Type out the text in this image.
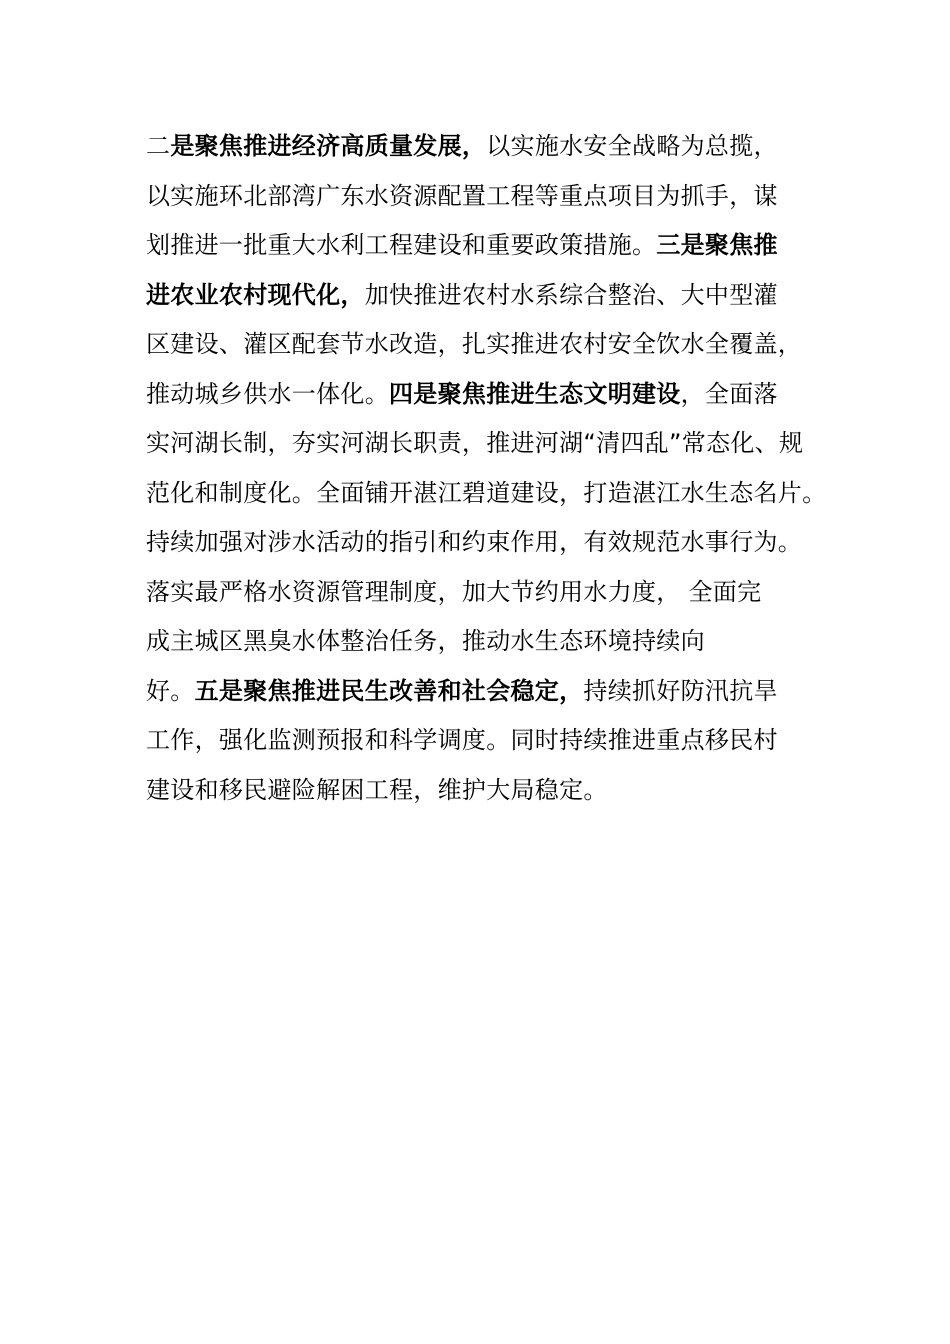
二是聚焦推进经济高质量发展，以实施水安全战略为总揽，
以实施环北部湾广东水资源配置工程等重点项目为抓手，谋
划推进一批重大水利工程建设和重要政策措施。三是聚焦推
进农业农村现代化，加快推进农村水系综合整治、大中型灌
区建设、灌区配套节水改造，扎实推进农村安全饮水全覆盖，
推动城乡供水一体化。四是聚焦推进生态文明建设，全面落
实河湖长制，夯实河湖长职责，推进河湖“清四乱”常态化、规
范化和制度化。全面铺开湛江碧道建设，打造湛江水生态名片。
持续加强对涉水活动的指引和约束作用，有效规范水事行为。
落实最严格水资源管理制度，加大节约用水力度， 全面完
成主城区黑臭水体整治任务，推动水生态环境持续向
好。五是聚焦推进民生改善和社会稳定，持续抓好防汛抗旱
工作，强化监测预报和科学调度。同时持续推进重点移民村
建设和移民避险解困工程，维护大局稳定。
